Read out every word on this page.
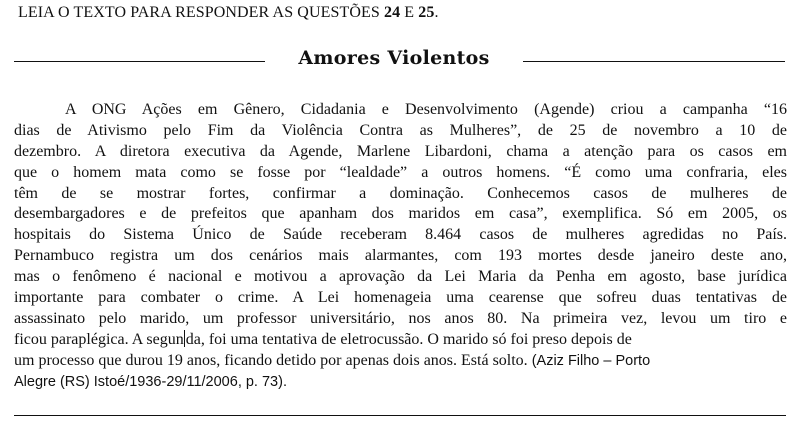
LEIA O TEXTO PARA RESPONDER AS QUESTÕES 24 E 25.
Amores Violentos
A ONG Ações em Gênero, Cidadania e Desenvolvimento (Agende) criou a campanha “16
dias de Ativismo pelo Fim da Violência Contra as Mulheres”, de 25 de novembro a 10 de
dezembro. A diretora executiva da Agende, Marlene Libardoni, chama a atenção para os casos em
que o homem mata como se fosse por “lealdade” a outros homens. “É como uma confraria, eles
têm de se mostrar fortes, confirmar a dominação. Conhecemos casos de mulheres de
desembargadores e de prefeitos que apanham dos maridos em casa”, exemplifica. Só em 2005, os
hospitais do Sistema Único de Saúde receberam 8.464 casos de mulheres agredidas no País.
Pernambuco registra um dos cenários mais alarmantes, com 193 mortes desde janeiro deste ano,
mas o fenômeno é nacional e motivou a aprovação da Lei Maria da Penha em agosto, base jurídica
importante para combater o crime. A Lei homenageia uma cearense que sofreu duas tentativas de
assassinato pelo marido, um professor universitário, nos anos 80. Na primeira vez, levou um tiro e
ficou paraplégica. A segun da, foi uma tentativa de eletrocussão. O marido só foi preso depois de
um processo que durou 19 anos, ficando detido por apenas dois anos. Está solto. (Aziz Filho – Porto
Alegre (RS) Istoé/1936-29/11/2006, p. 73).
